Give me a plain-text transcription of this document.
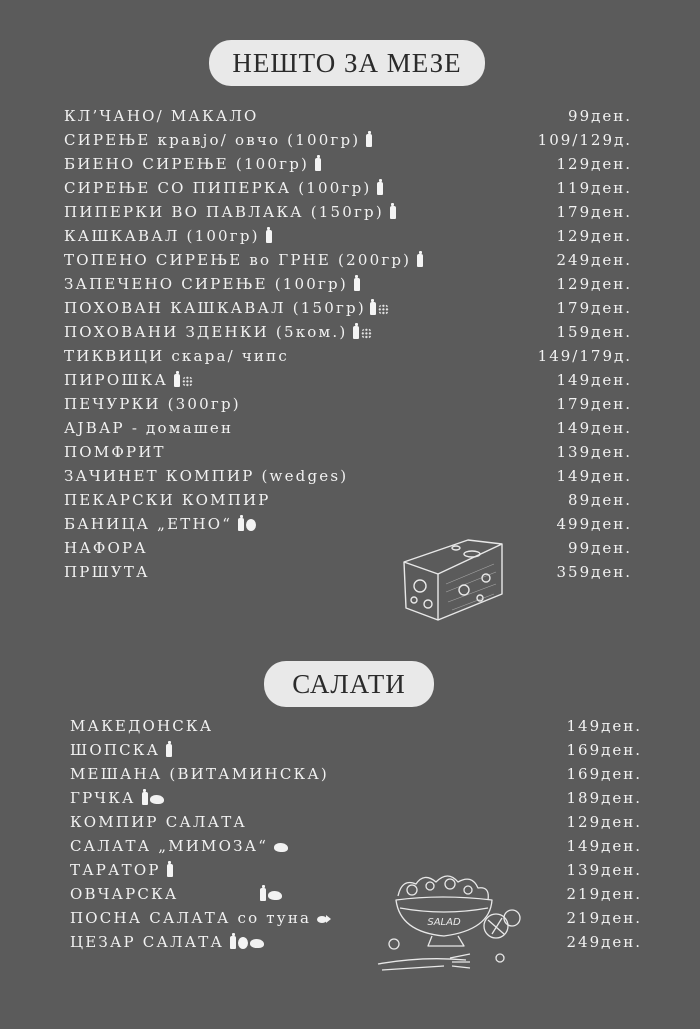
НЕШТО ЗА МЕЗЕ
КЛ’ЧАНО/ МАКАЛО	99ден.
СИРЕЊЕ кравјо/ овчо (100гр)	109/129д.
БИЕНО СИРЕЊЕ (100гр)	129ден.
СИРЕЊЕ СО ПИПЕРКА (100гр)	119ден.
ПИПЕРКИ ВО ПАВЛАКА (150гр)	179ден.
КАШКАВАЛ (100гр)	129ден.
ТОПЕНО СИРЕЊЕ во ГРНЕ (200гр)	249ден.
ЗАПЕЧЕНО СИРЕЊЕ (100гр)	129ден.
ПОХОВАН КАШКАВАЛ (150гр)	179ден.
ПОХОВАНИ ЗДЕНКИ (5ком.)	159ден.
ТИКВИЦИ скара/ чипс	149/179д.
ПИРОШКА	149ден.
ПЕЧУРКИ (300гр)	179ден.
АЈВАР - домашен	149ден.
ПОМФРИТ	139ден.
ЗАЧИНЕТ КОМПИР (wedges)	149ден.
ПЕКАРСКИ КОМПИР	89ден.
БАНИЦА „ЕТНО“	499ден.
НАФОРА	99ден.
ПРШУТА	359ден.
САЛАТИ
МАКЕДОНСКА	149ден.
ШОПСКА	169ден.
МЕШАНА (ВИТАМИНСКА)	169ден.
ГРЧКА	189ден.
КОМПИР САЛАТА	129ден.
САЛАТА „МИМОЗА“	149ден.
ТАРАТОР	139ден.
ОВЧАРСКА	219ден.
ПОСНА САЛАТА со туна	219ден.
ЦЕЗАР САЛАТА	249ден.
SALAD
